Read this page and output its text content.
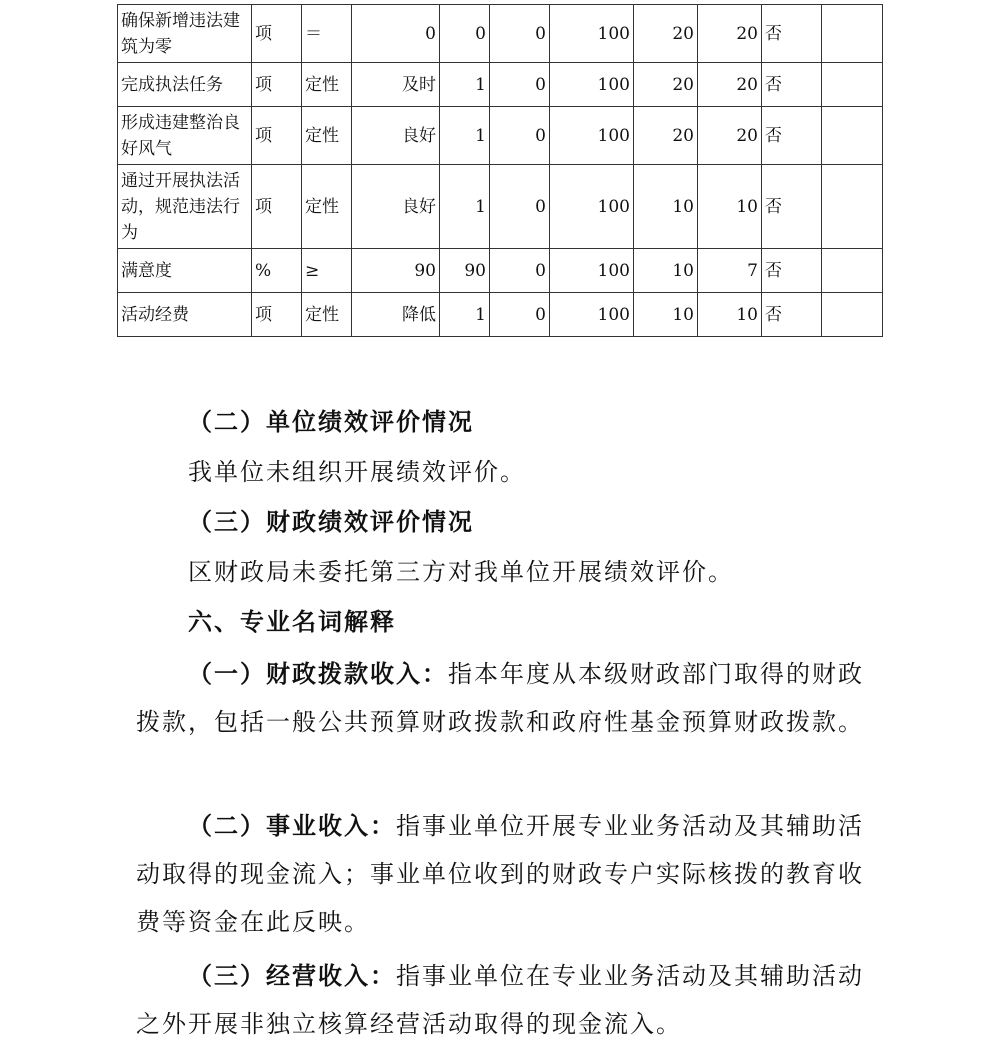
确保新增违法建筑为零	项	＝	0	0	0	100	20	20	否	
完成执法任务	项	定性	及时	1	0	100	20	20	否	
形成违建整治良好风气	项	定性	良好	1	0	100	20	20	否	
通过开展执法活动，规范违法行为	项	定性	良好	1	0	100	10	10	否	
满意度	%	≥	90	90	0	100	10	7	否	
活动经费	项	定性	降低	1	0	100	10	10	否	

（二）单位绩效评价情况

我单位未组织开展绩效评价。

（三）财政绩效评价情况

区财政局未委托第三方对我单位开展绩效评价。

六、专业名词解释

（一）财政拨款收入：指本年度从本级财政部门取得的财政拨款，包括一般公共预算财政拨款和政府性基金预算财政拨款。

（二）事业收入：指事业单位开展专业业务活动及其辅助活动取得的现金流入；事业单位收到的财政专户实际核拨的教育收费等资金在此反映。

（三）经营收入：指事业单位在专业业务活动及其辅助活动之外开展非独立核算经营活动取得的现金流入。
